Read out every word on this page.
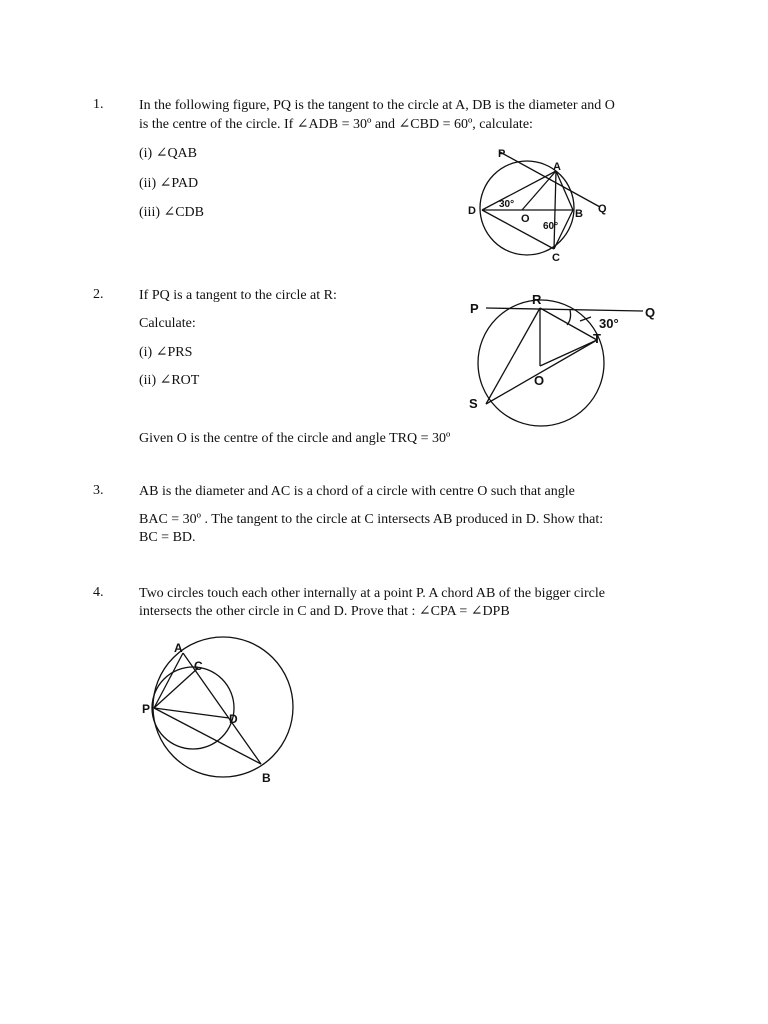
1.	In the following figure, PQ is the tangent to the circle at A, DB is the diameter and O
is the centre of the circle. If ∠ADB = 30º and ∠CBD = 60º, calculate:
(i) ∠QAB
(ii) ∠PAD
(iii) ∠CDB
P
A
Q
D
O	B
C
30°
60°
2.	If PQ is a tangent to the circle at R:
Calculate:
(i) ∠PRS
(ii) ∠ROT
Given O is the centre of the circle and angle TRQ = 30º
P
R
Q
T
O
S
30°
3.	AB is the diameter and AC is a chord of a circle with centre O such that angle
BAC = 30º . The tangent to the circle at C intersects AB produced in D. Show that:
BC = BD.
4.	Two circles touch each other internally at a point P. A chord AB of the bigger circle
intersects the other circle in C and D. Prove that : ∠CPA = ∠DPB
A
C
P
D
B
